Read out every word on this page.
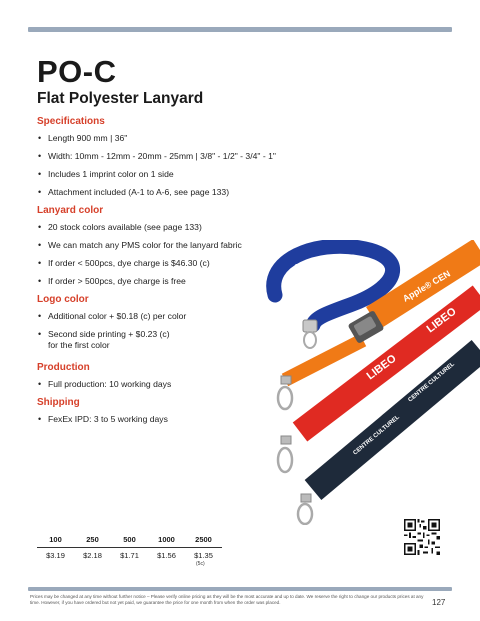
PO-C
Flat Polyester Lanyard
Specifications
• Length 900 mm | 36"
• Width: 10mm - 12mm - 20mm - 25mm | 3/8" - 1/2" - 3/4" - 1"
• Includes 1 imprint color on 1 side
• Attachment included (A-1 to A-6, see page 133)
Lanyard color
• 20 stock colors available (see page 133)
• We can match any PMS color for the lanyard fabric
• If order < 500pcs, dye charge is $46.30 (c)
• If order > 500pcs, dye charge is free
Logo color
• Additional color + $0.18 (c) per color
• Second side printing + $0.23 (c)
for the first color
Production
• Full production: 10 working days
Shipping
• FexEx IPD: 3 to 5 working days
accelerator
Apple® CEN
LIBEO
LIBEO
CENTRE CULTUREL
CENTRE CULTUREL
100	250	500	1000	2500
$3.19	$2.18	$1.71	$1.56	$1.35
(5c)
Prices may be changed at any time without further notice – Please verify online pricing as they will be the most accurate and up to date. We reserve the right to change our products prices at any time. However, if you have ordered but not yet paid, we guarantee the price for one month from when the order was placed.	127
